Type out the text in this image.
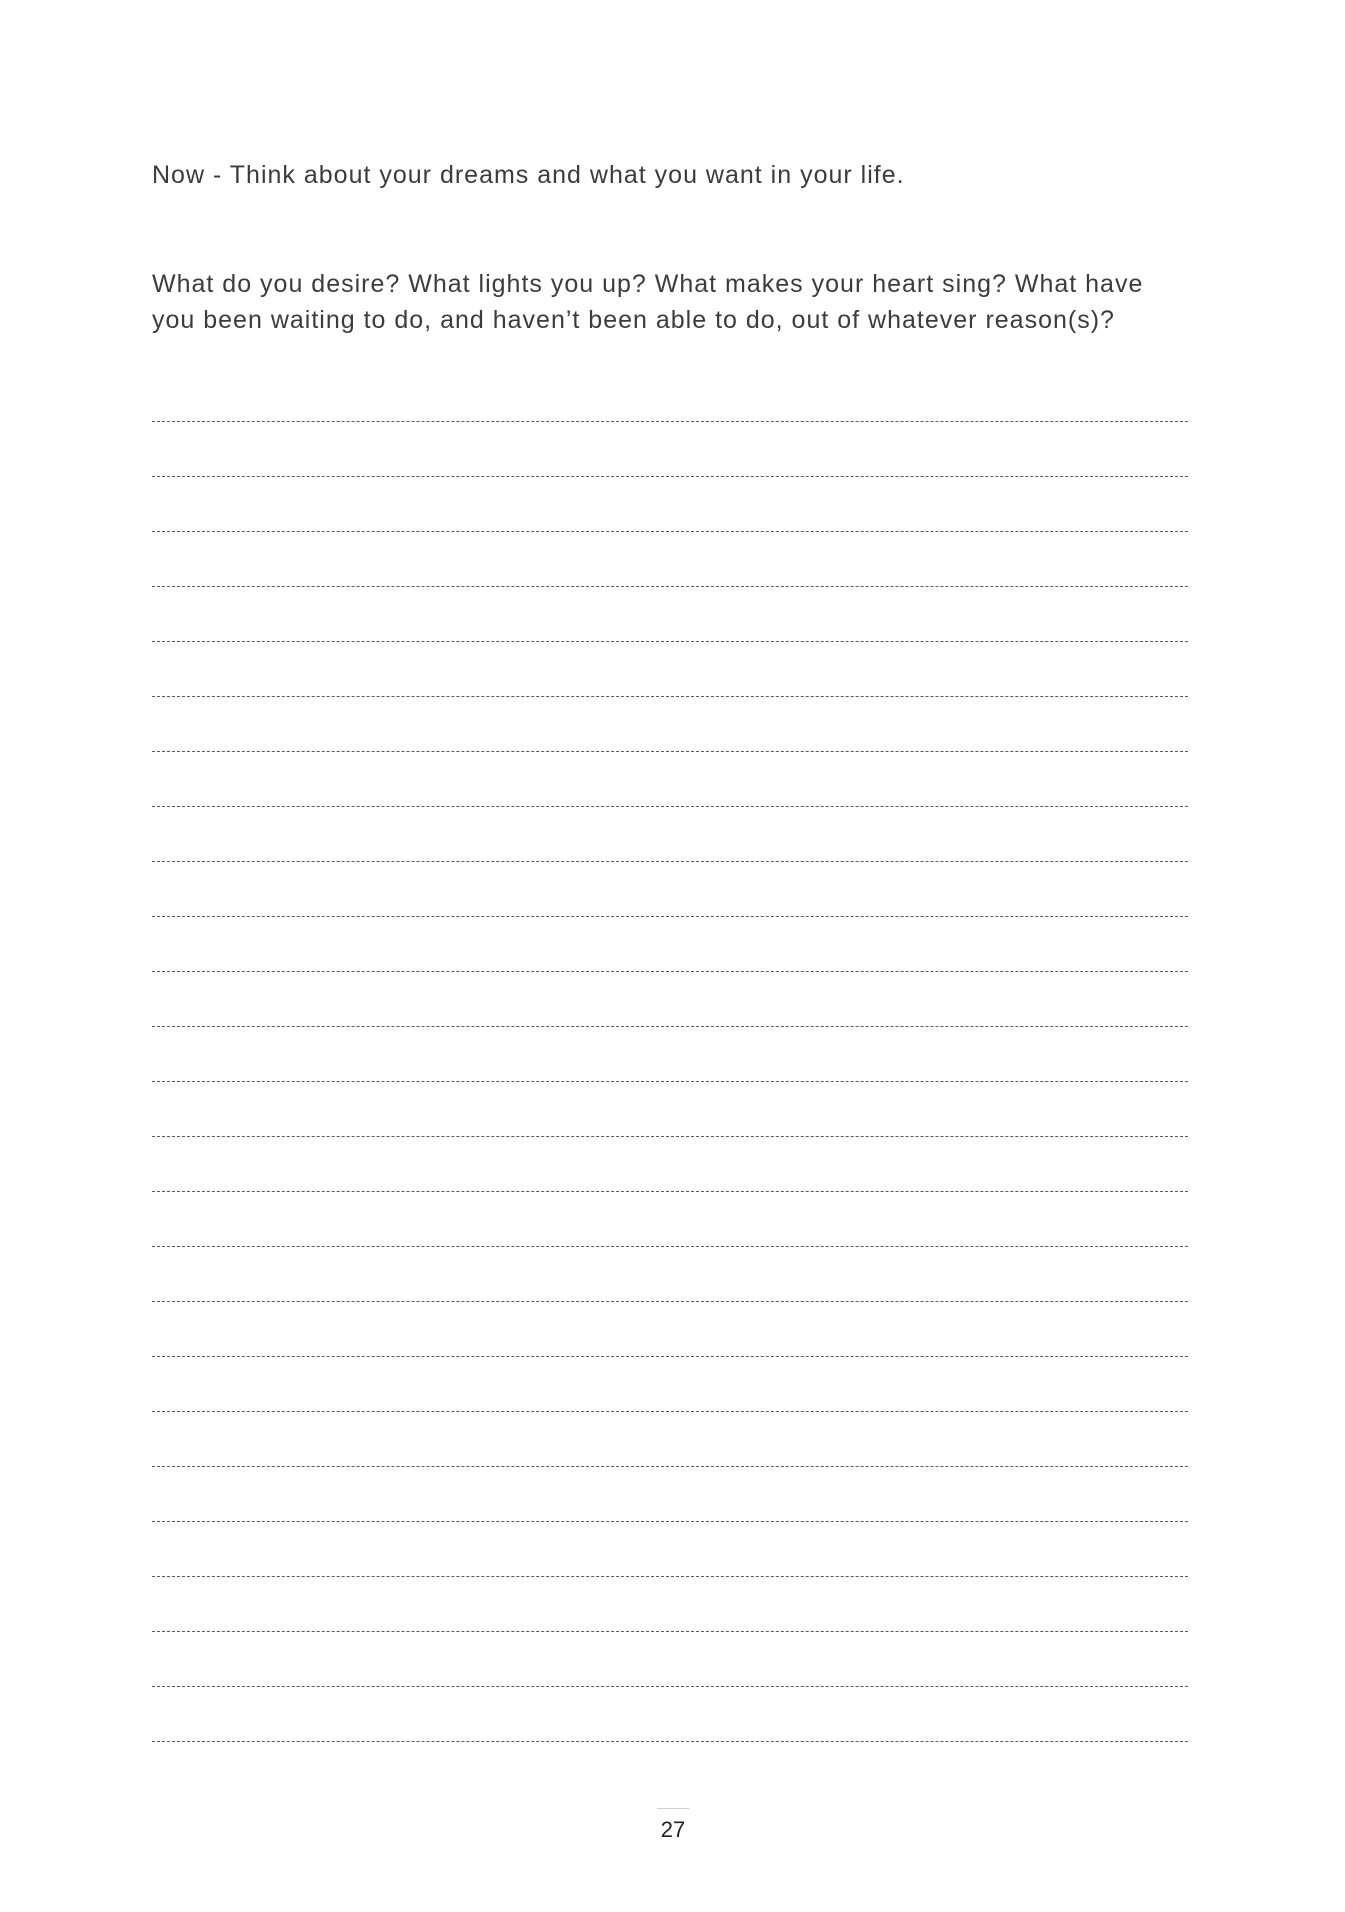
Now - Think about your dreams and what you want in your life.

What do you desire? What lights you up? What makes your heart sing? What have you been waiting to do, and haven’t been able to do, out of whatever reason(s)?

27
